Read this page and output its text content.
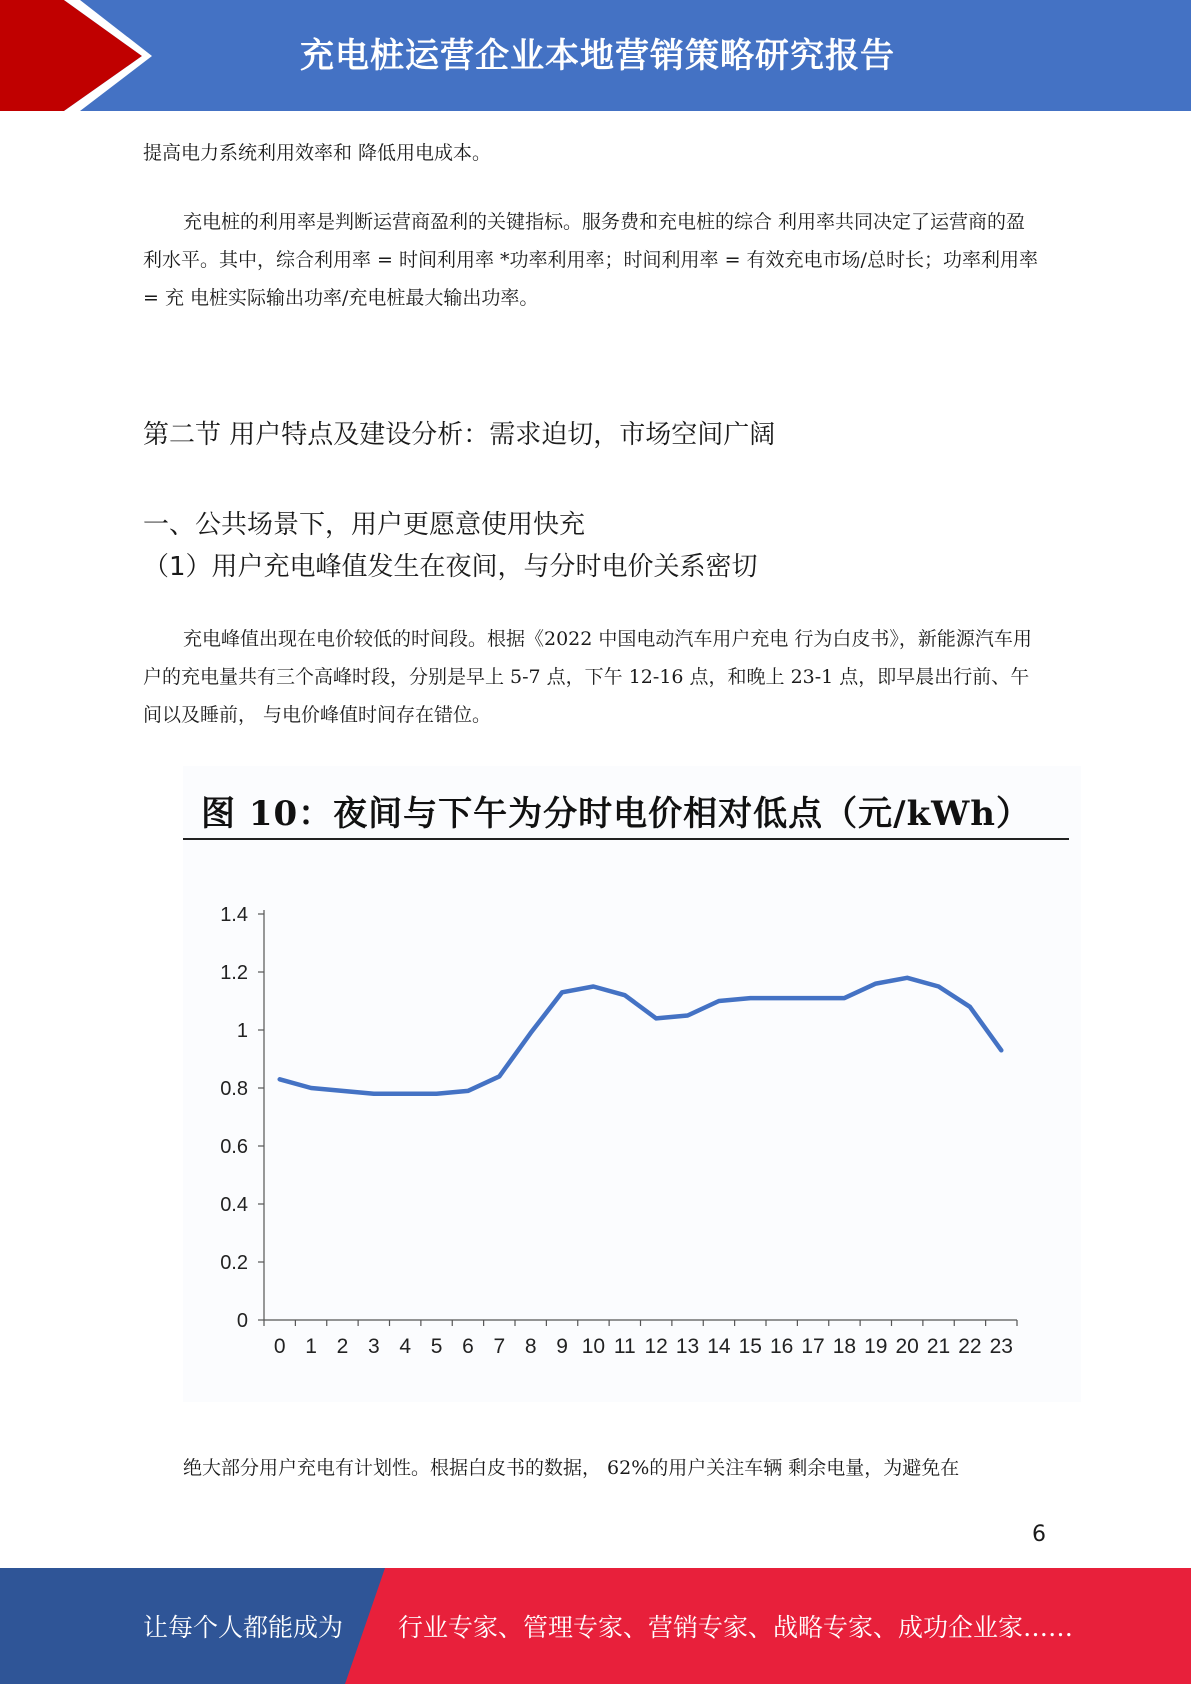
充电桩运营企业本地营销策略研究报告

提高电力系统利用效率和 降低用电成本。

充电桩的利用率是判断运营商盈利的关键指标。服务费和充电桩的综合 利用率共同决定了运营商的盈利水平。其中，综合利用率 = 时间利用率 *功率利用率；时间利用率 = 有效充电市场/总时长；功率利用率 = 充 电桩实际输出功率/充电桩最大输出功率。

第二节 用户特点及建设分析：需求迫切，市场空间广阔
一、公共场景下，用户更愿意使用快充
（1）用户充电峰值发生在夜间，与分时电价关系密切

充电峰值出现在电价较低的时间段。根据《2022 中国电动汽车用户充电 行为白皮书》，新能源汽车用户的充电量共有三个高峰时段，分别是早上 5-7 点，下午 12-16 点，和晚上 23-1 点，即早晨出行前、午间以及睡前， 与电价峰值时间存在错位。

图 10：夜间与下午为分时电价相对低点（元/kWh）
0
0.2
0.4
0.6
0.8
1
1.2
1.4
0 1 2 3 4 5 6 7 8 9 10 11 12 13 14 15 16 17 18 19 20 21 22 23

绝大部分用户充电有计划性。根据白皮书的数据， 62%的用户关注车辆 剩余电量，为避免在

6
让每个人都能成为 行业专家、管理专家、营销专家、战略专家、成功企业家……
